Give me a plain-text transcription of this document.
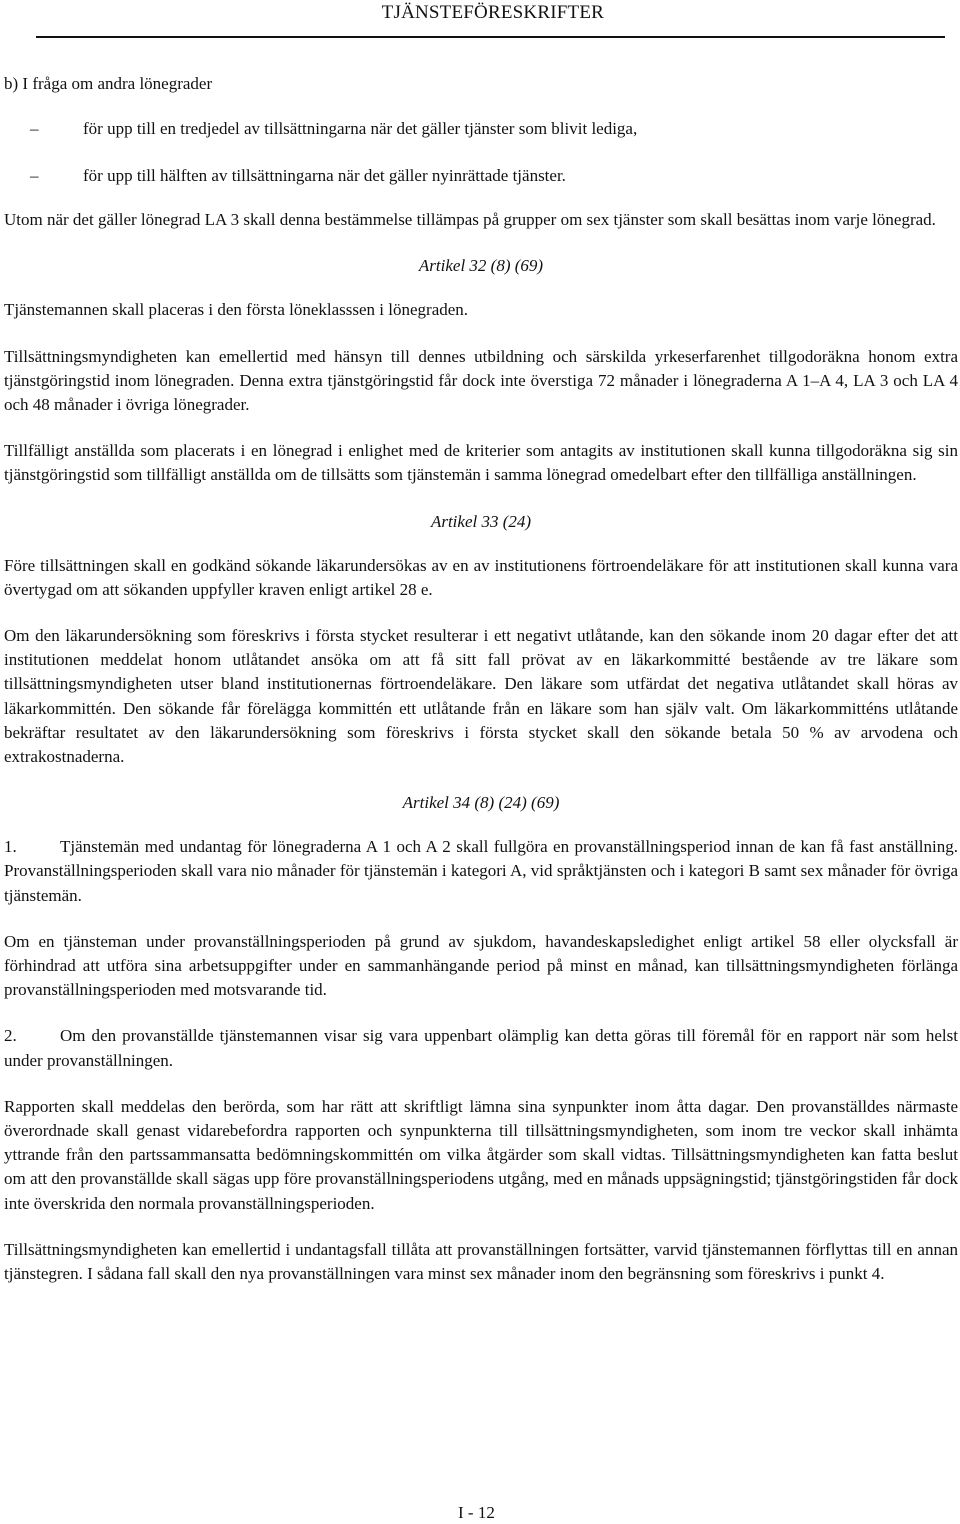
TJÄNSTEFÖRESKRIFTER

b) I fråga om andra lönegrader

–	för upp till en tredjedel av tillsättningarna när det gäller tjänster som blivit lediga,
–	för upp till hälften av tillsättningarna när det gäller nyinrättade tjänster.

Utom när det gäller lönegrad LA 3 skall denna bestämmelse tillämpas på grupper om sex tjänster som skall besättas inom varje lönegrad.

Artikel 32 (8) (69)

Tjänstemannen skall placeras i den första löneklasssen i lönegraden.

Tillsättningsmyndigheten kan emellertid med hänsyn till dennes utbildning och särskilda yrkeserfarenhet tillgodoräkna honom extra tjänstgöringstid inom lönegraden. Denna extra tjänstgöringstid får dock inte överstiga 72 månader i lönegraderna A 1–A 4, LA 3 och LA 4 och 48 månader i övriga lönegrader.

Tillfälligt anställda som placerats i en lönegrad i enlighet med de kriterier som antagits av institutionen skall kunna tillgodoräkna sig sin tjänstgöringstid som tillfälligt anställda om de tillsätts som tjänstemän i samma lönegrad omedelbart efter den tillfälliga anställningen.

Artikel 33 (24)

Före tillsättningen skall en godkänd sökande läkarundersökas av en av institutionens förtroendeläkare för att institutionen skall kunna vara övertygad om att sökanden uppfyller kraven enligt artikel 28 e.

Om den läkarundersökning som föreskrivs i första stycket resulterar i ett negativt utlåtande, kan den sökande inom 20 dagar efter det att institutionen meddelat honom utlåtandet ansöka om att få sitt fall prövat av en läkarkommitté bestående av tre läkare som tillsättningsmyndigheten utser bland institutionernas förtroendeläkare. Den läkare som utfärdat det negativa utlåtandet skall höras av läkarkommittén. Den sökande får förelägga kommittén ett utlåtande från en läkare som han själv valt. Om läkarkommitténs utlåtande bekräftar resultatet av den läkarundersökning som föreskrivs i första stycket skall den sökande betala 50 % av arvodena och extrakostnaderna.

Artikel 34 (8) (24) (69)

1.	Tjänstemän med undantag för lönegraderna A 1 och A 2 skall fullgöra en provanställningsperiod innan de kan få fast anställning. Provanställningsperioden skall vara nio månader för tjänstemän i kategori A, vid språktjänsten och i kategori B samt sex månader för övriga tjänstemän.

Om en tjänsteman under provanställningsperioden på grund av sjukdom, havandeskapsledighet enligt artikel 58 eller olycksfall är förhindrad att utföra sina arbetsuppgifter under en sammanhängande period på minst en månad, kan tillsättningsmyndigheten förlänga provanställningsperioden med motsvarande tid.

2.	Om den provanställde tjänstemannen visar sig vara uppenbart olämplig kan detta göras till föremål för en rapport när som helst under provanställningen.

Rapporten skall meddelas den berörda, som har rätt att skriftligt lämna sina synpunkter inom åtta dagar. Den provanställdes närmaste överordnade skall genast vidarebefordra rapporten och synpunkterna till tillsättningsmyndigheten, som inom tre veckor skall inhämta yttrande från den partssammansatta bedömningskommittén om vilka åtgärder som skall vidtas. Tillsättningsmyndigheten kan fatta beslut om att den provanställde skall sägas upp före provanställningsperiodens utgång, med en månads uppsägningstid; tjänstgöringstiden får dock inte överskrida den normala provanställningsperioden.

Tillsättningsmyndigheten kan emellertid i undantagsfall tillåta att provanställningen fortsätter, varvid tjänstemannen förflyttas till en annan tjänstegren. I sådana fall skall den nya provanställningen vara minst sex månader inom den begränsning som föreskrivs i punkt 4.

I - 12
